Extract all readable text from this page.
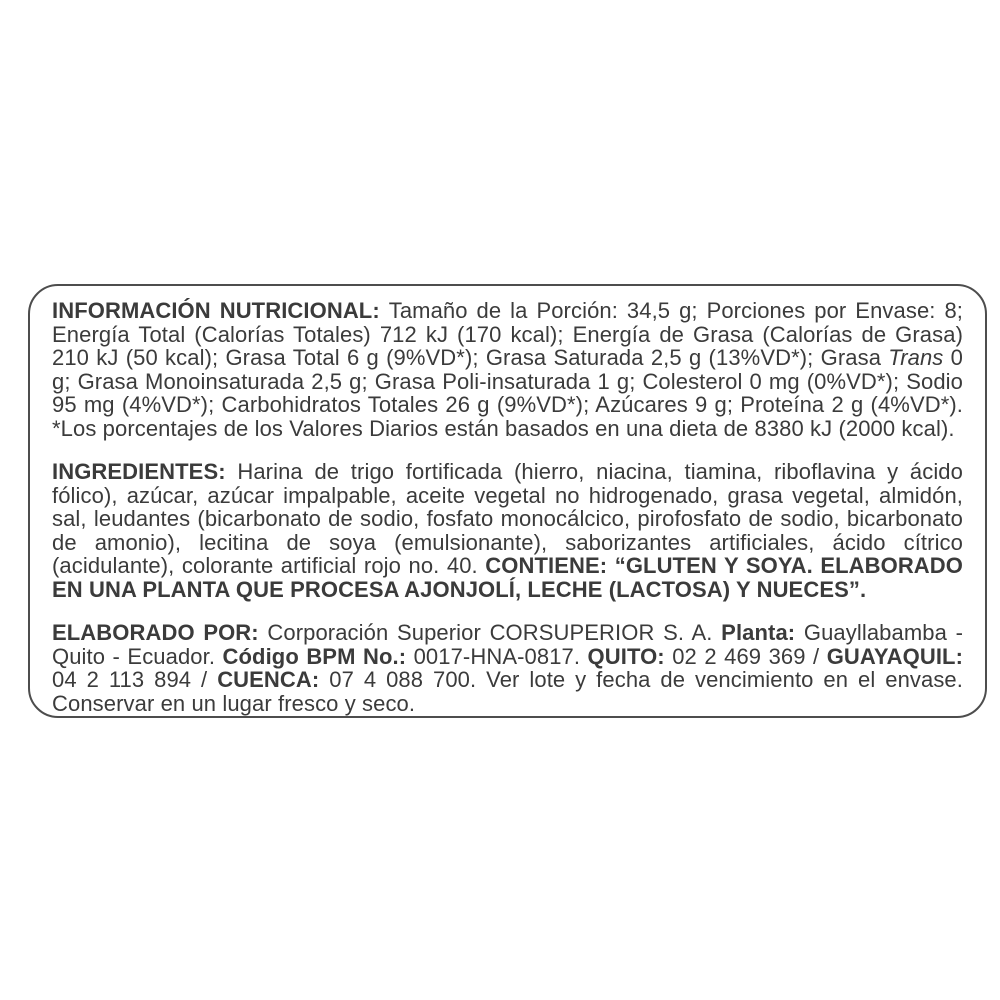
INFORMACIÓN NUTRICIONAL: Tamaño de la Porción: 34,5 g; Porciones por Envase: 8; Energía Total (Calorías Totales) 712 kJ (170 kcal); Energía de Grasa (Calorías de Grasa) 210 kJ (50 kcal); Grasa Total 6 g (9%VD*); Grasa Saturada 2,5 g (13%VD*); Grasa Trans 0 g; Grasa Monoinsaturada 2,5 g; Grasa Poli-insaturada 1 g; Colesterol 0 mg (0%VD*); Sodio 95 mg (4%VD*); Carbohidratos Totales 26 g (9%VD*); Azúcares 9 g; Proteína 2 g (4%VD*). *Los porcentajes de los Valores Diarios están basados en una dieta de 8380 kJ (2000 kcal).

INGREDIENTES: Harina de trigo fortificada (hierro, niacina, tiamina, riboflavina y ácido fólico), azúcar, azúcar impalpable, aceite vegetal no hidrogenado, grasa vegetal, almidón, sal, leudantes (bicarbonato de sodio, fosfato monocálcico, pirofosfato de sodio, bicarbonato de amonio), lecitina de soya (emulsionante), saborizantes artificiales, ácido cítrico (acidulante), colorante artificial rojo no. 40. CONTIENE: “GLUTEN Y SOYA. ELABORADO EN UNA PLANTA QUE PROCESA AJONJOLÍ, LECHE (LACTOSA) Y NUECES”.

ELABORADO POR: Corporación Superior CORSUPERIOR S. A. Planta: Guayllabamba - Quito - Ecuador. Código BPM No.: 0017-HNA-0817. QUITO: 02 2 469 369 / GUAYAQUIL: 04 2 113 894 / CUENCA: 07 4 088 700. Ver lote y fecha de vencimiento en el envase. Conservar en un lugar fresco y seco.
